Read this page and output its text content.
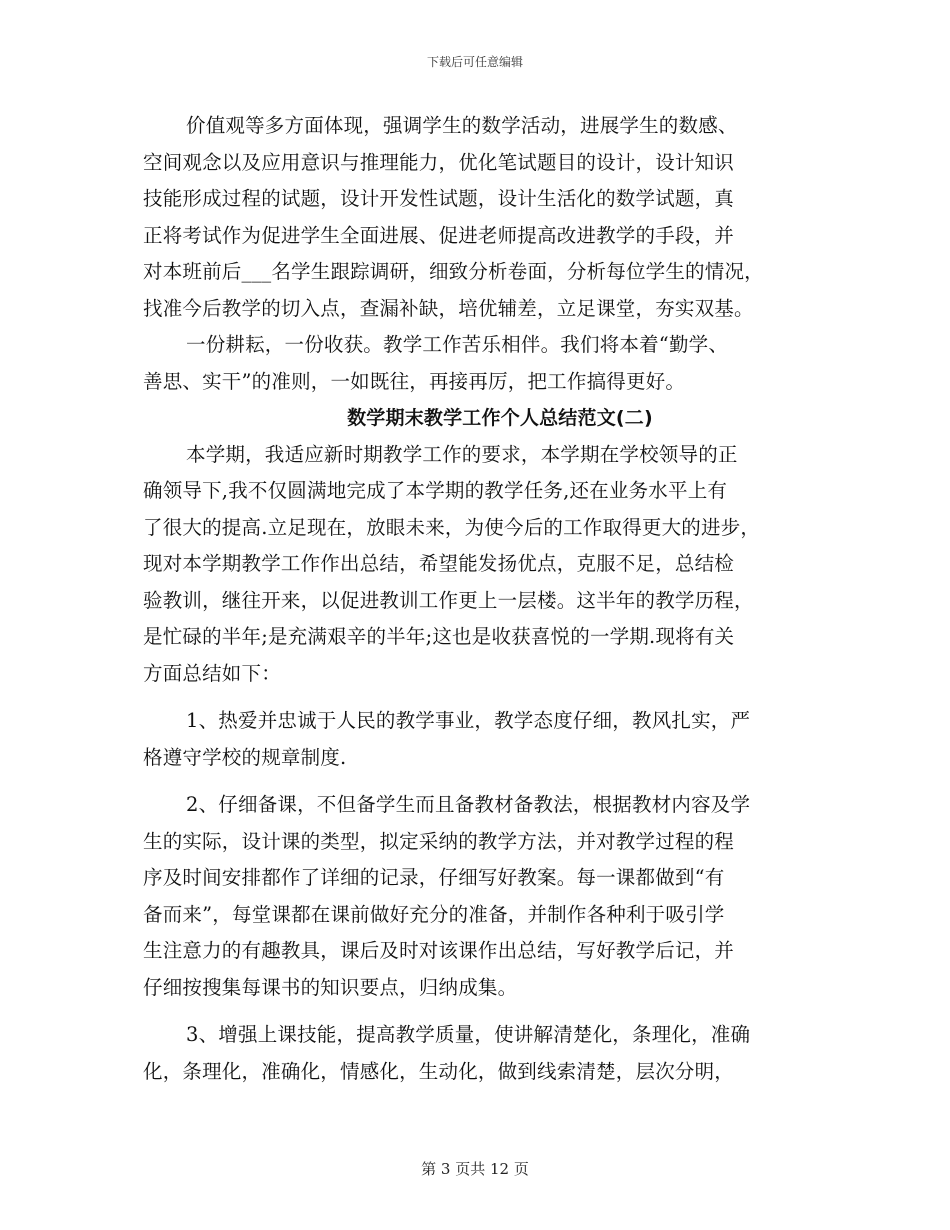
下载后可任意编辑
价值观等多方面体现，强调学生的数学活动，进展学生的数感、
空间观念以及应用意识与推理能力，优化笔试题目的设计，设计知识
技能形成过程的试题，设计开发性试题，设计生活化的数学试题，真
正将考试作为促进学生全面进展、促进老师提高改进教学的手段，并
对本班前后___名学生跟踪调研，细致分析卷面，分析每位学生的情况，
找准今后教学的切入点，查漏补缺，培优辅差，立足课堂，夯实双基。
一份耕耘，一份收获。教学工作苦乐相伴。我们将本着“勤学、
善思、实干”的准则，一如既往，再接再厉，把工作搞得更好。
数学期末教学工作个人总结范文(二)
本学期，我适应新时期教学工作的要求，本学期在学校领导的正
确领导下,我不仅圆满地完成了本学期的教学任务,还在业务水平上有
了很大的提高.立足现在，放眼未来，为使今后的工作取得更大的进步，
现对本学期教学工作作出总结，希望能发扬优点，克服不足，总结检
验教训，继往开来，以促进教训工作更上一层楼。这半年的教学历程，
是忙碌的半年;是充满艰辛的半年;这也是收获喜悦的一学期.现将有关
方面总结如下：
1、热爱并忠诚于人民的教学事业，教学态度仔细，教风扎实，严
格遵守学校的规章制度.
2、仔细备课，不但备学生而且备教材备教法，根据教材内容及学
生的实际，设计课的类型，拟定采纳的教学方法，并对教学过程的程
序及时间安排都作了详细的记录，仔细写好教案。每一课都做到“有
备而来”，每堂课都在课前做好充分的准备，并制作各种利于吸引学
生注意力的有趣教具，课后及时对该课作出总结，写好教学后记，并
仔细按搜集每课书的知识要点，归纳成集。
3、增强上课技能，提高教学质量，使讲解清楚化，条理化，准确
化，条理化，准确化，情感化，生动化，做到线索清楚，层次分明，
第 3 页共 12 页
